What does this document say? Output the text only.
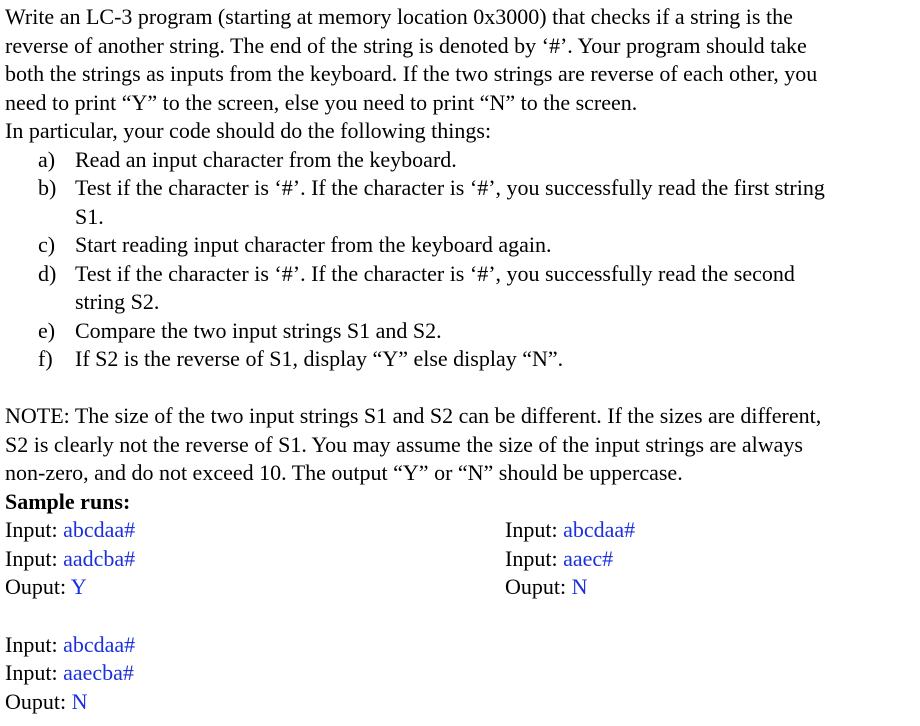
Write an LC-3 program (starting at memory location 0x3000) that checks if a string is the
reverse of another string. The end of the string is denoted by ‘#’. Your program should take
both the strings as inputs from the keyboard. If the two strings are reverse of each other, you
need to print “Y” to the screen, else you need to print “N” to the screen.
In particular, your code should do the following things:
a) Read an input character from the keyboard.
b) Test if the character is ‘#’. If the character is ‘#’, you successfully read the first string
S1.
c) Start reading input character from the keyboard again.
d) Test if the character is ‘#’. If the character is ‘#’, you successfully read the second
string S2.
e) Compare the two input strings S1 and S2.
f) If S2 is the reverse of S1, display “Y” else display “N”.
NOTE: The size of the two input strings S1 and S2 can be different. If the sizes are different,
S2 is clearly not the reverse of S1. You may assume the size of the input strings are always
non-zero, and do not exceed 10. The output “Y” or “N” should be uppercase.
Sample runs:
Input: abcdaa#
Input: aadcba#
Ouput: Y
Input: abcdaa#
Input: aaec#
Ouput: N
Input: abcdaa#
Input: aaecba#
Ouput: N
